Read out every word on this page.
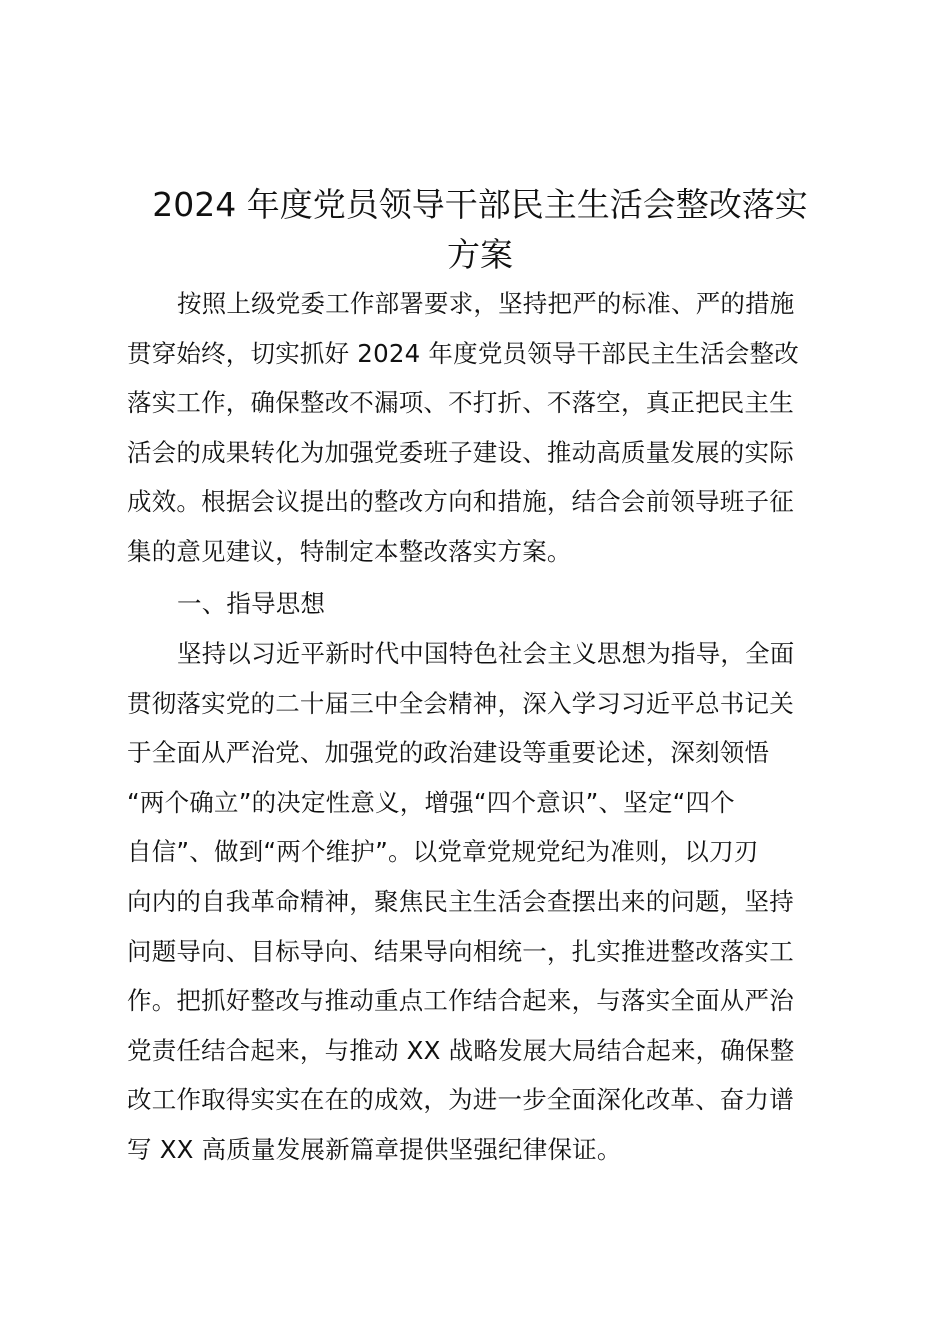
2024 年度党员领导干部民主生活会整改落实
方案
按照上级党委工作部署要求，坚持把严的标准、严的措施
贯穿始终，切实抓好 2024 年度党员领导干部民主生活会整改
落实工作，确保整改不漏项、不打折、不落空，真正把民主生
活会的成果转化为加强党委班子建设、推动高质量发展的实际
成效。根据会议提出的整改方向和措施，结合会前领导班子征
集的意见建议，特制定本整改落实方案。
一、指导思想
坚持以习近平新时代中国特色社会主义思想为指导，全面
贯彻落实党的二十届三中全会精神，深入学习习近平总书记关
于全面从严治党、加强党的政治建设等重要论述，深刻领悟
“两个确立”的决定性意义，增强“四个意识”、坚定“四个
自信”、做到“两个维护”。以党章党规党纪为准则，以刀刃
向内的自我革命精神，聚焦民主生活会查摆出来的问题，坚持
问题导向、目标导向、结果导向相统一，扎实推进整改落实工
作。把抓好整改与推动重点工作结合起来，与落实全面从严治
党责任结合起来，与推动 XX 战略发展大局结合起来，确保整
改工作取得实实在在的成效，为进一步全面深化改革、奋力谱
写 XX 高质量发展新篇章提供坚强纪律保证。
